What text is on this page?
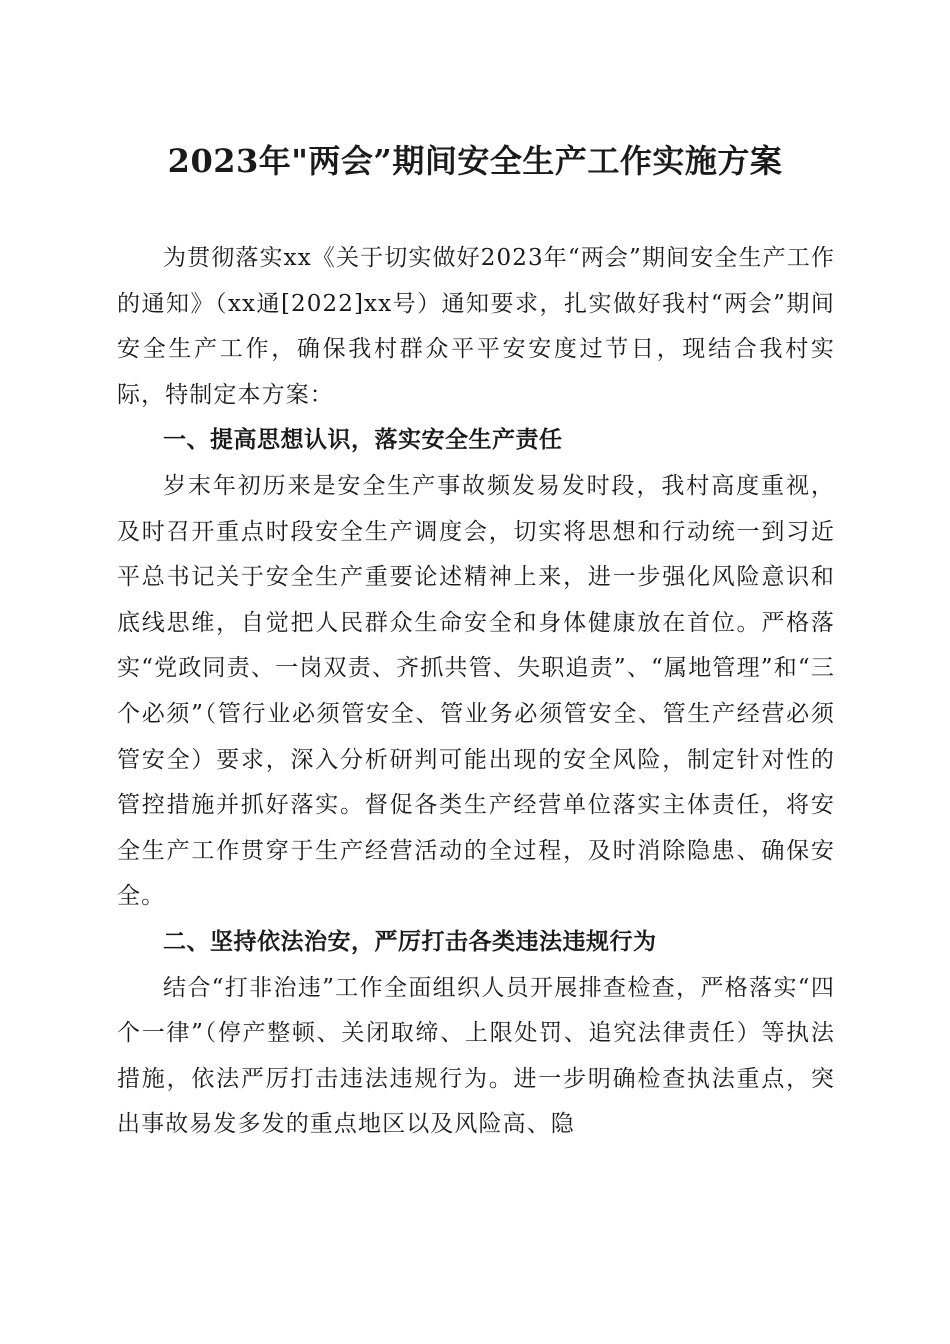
2023年"两会”期间安全生产工作实施方案

为贯彻落实xx《关于切实做好2023年“两会”期间安全生产工作的通知》（xx通[2022]xx号）通知要求，扎实做好我村“两会”期间安全生产工作，确保我村群众平平安安度过节日，现结合我村实际，特制定本方案：

一、提高思想认识，落实安全生产责任

岁末年初历来是安全生产事故频发易发时段，我村高度重视，及时召开重点时段安全生产调度会，切实将思想和行动统一到习近平总书记关于安全生产重要论述精神上来，进一步强化风险意识和底线思维，自觉把人民群众生命安全和身体健康放在首位。严格落实“党政同责、一岗双责、齐抓共管、失职追责”、“属地管理”和“三个必须”（管行业必须管安全、管业务必须管安全、管生产经营必须管安全）要求，深入分析研判可能出现的安全风险，制定针对性的管控措施并抓好落实。督促各类生产经营单位落实主体责任，将安全生产工作贯穿于生产经营活动的全过程，及时消除隐患、确保安全。

二、坚持依法治安，严厉打击各类违法违规行为

结合“打非治违”工作全面组织人员开展排查检查，严格落实“四个一律”（停产整顿、关闭取缔、上限处罚、追究法律责任）等执法措施，依法严厉打击违法违规行为。进一步明确检查执法重点，突出事故易发多发的重点地区以及风险高、隐
